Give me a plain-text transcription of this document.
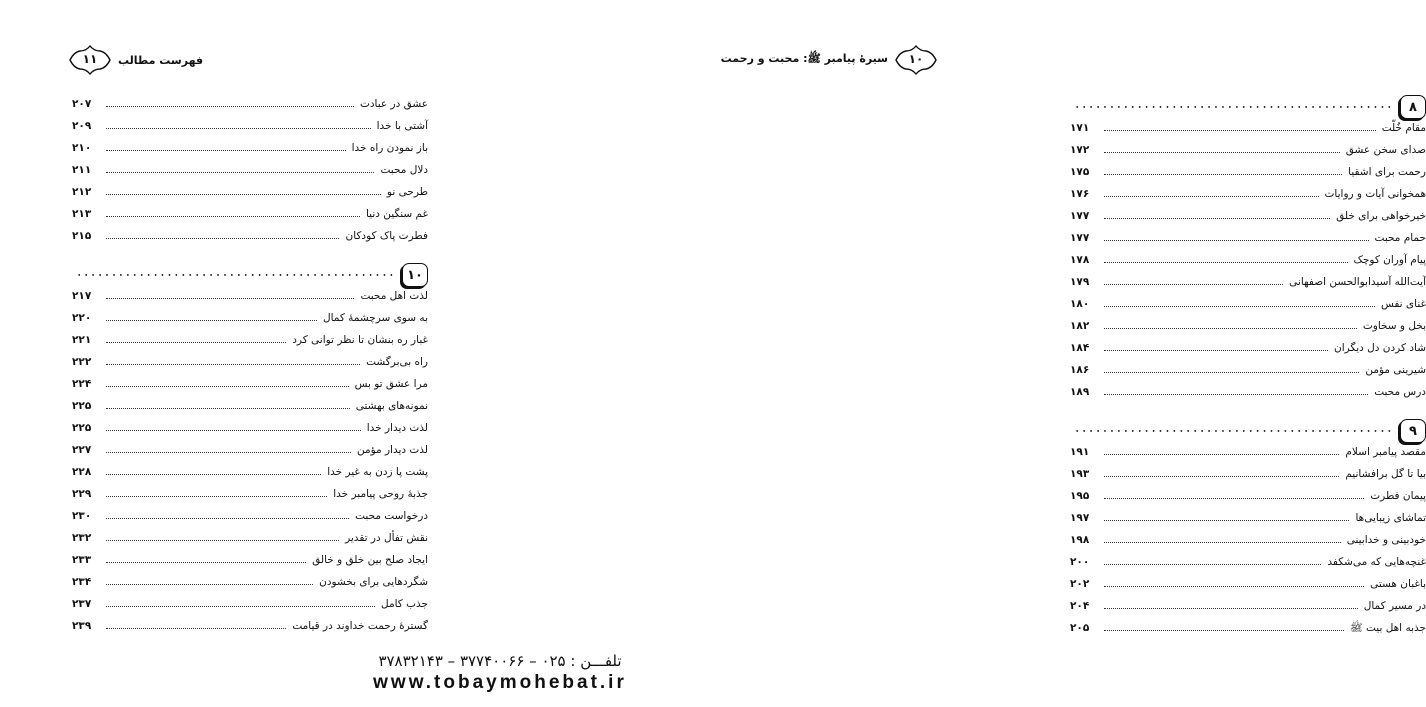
فهرست مطالب
۱۱
عشق در عبادت
۲۰۷
آشتی با خدا
۲۰۹
باز نمودن راه خدا
۲۱۰
دلال محبت
۲۱۱
طرحی نو
۲۱۲
غم سنگین دنیا
۲۱۳
فطرت پاک کودکان
۲۱۵
۱۰
• • •
لذت اهل محبت
۲۱۷
به سوی سرچشمۀ کمال
۲۲۰
غبار ره بنشان تا نظر توانی کرد
۲۲۱
راه بی‌برگشت
۲۲۲
مرا عشق تو بس
۲۲۴
نمونه‌های بهشتی
۲۲۵
لذت دیدار خدا
۲۲۵
لذت دیدار مؤمن
۲۲۷
پشت پا زدن به غیر خدا
۲۲۸
جذبۀ روحی پیامبر خدا
۲۲۹
درخواست محبت
۲۳۰
نقش تفأل در تقدیر
۲۳۲
ایجاد صلح بین خلق و خالق
۲۳۳
شگردهایی برای بخشودن
۲۳۴
جذب کامل
۲۳۷
گسترۀ رحمت خداوند در قیامت
۲۳۹
۱۰
سیرۀ پیامبر ﷺ: محبت و رحمت
۸
• • •
مقام خُلّت
۱۷۱
صدای سخن عشق
۱۷۲
رحمت برای اشقیا
۱۷۵
همخوانی آیات و روایات
۱۷۶
خیرخواهی برای خلق
۱۷۷
حمام محبت
۱۷۷
پیام آوران کوچک
۱۷۸
آیت‌الله آسیدابوالحسن اصفهانی
۱۷۹
غنای نفس
۱۸۰
بخل و سخاوت
۱۸۲
شاد کردن دل دیگران
۱۸۴
شیرینی مؤمن
۱۸۶
درس محبت
۱۸۹
۹
• • •
مقصد پیامبر اسلام
۱۹۱
بیا تا گل برافشانیم
۱۹۳
پیمان فطرت
۱۹۵
تماشای زیبایی‌ها
۱۹۷
خودبینی و خدابینی
۱۹۸
غنچه‌هایی که می‌شکفد
۲۰۰
باغبان هستی
۲۰۲
در مسیر کمال
۲۰۴
جذبه اهل بیت ﷺ
۲۰۵
تلفـــن : ۰۲۵ – ۳۷۷۴۰۰۶۶ – ۳۷۸۳۲۱۴۳
www.tobaymohebat.ir
